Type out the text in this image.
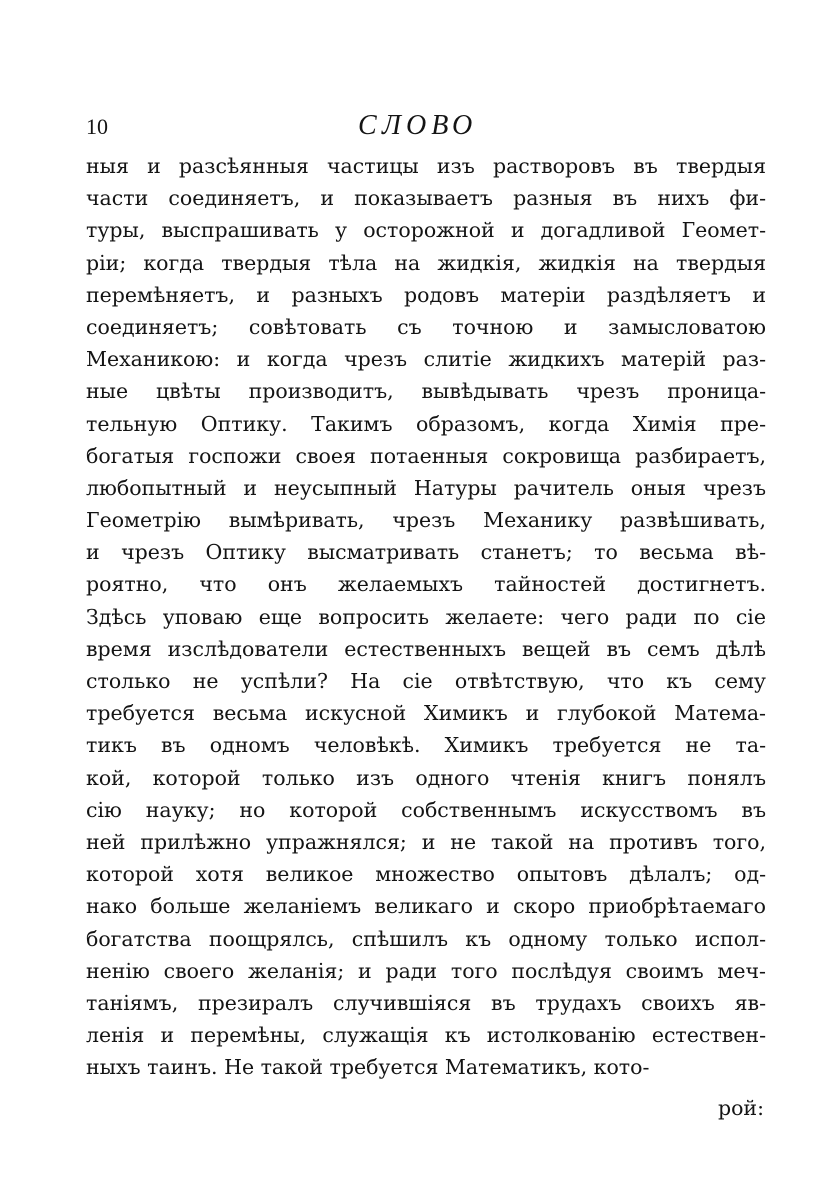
10	СЛОВО
ныя и разсѣянныя частицы изъ растворовъ въ твердыя
части соединяетъ, и показываетъ разныя въ нихъ фи-
туры, выспрашивать у осторожной и догадливой Геомет-
ріи; когда твердыя тѣла на жидкія, жидкія на твердыя
перемѣняетъ, и разныхъ родовъ матеріи раздѣляетъ и
соединяетъ; совѣтовать съ точною и замысловатою
Механикою: и когда чрезъ слитіе жидкихъ матерій раз-
ные цвѣты производитъ, вывѣдывать чрезъ проница-
тельную Оптику. Такимъ образомъ, когда Химія пре-
богатыя госпожи своея потаенныя сокровища разбираетъ,
любопытный и неусыпный Натуры рачитель оныя чрезъ
Геометрію вымѣривать, чрезъ Механику развѣшивать,
и чрезъ Оптику высматривать станетъ; то весьма вѣ-
роятно, что онъ желаемыхъ тайностей достигнетъ.
Здѣсь уповаю еще вопросить желаете: чего ради по сіе
время изслѣдователи естественныхъ вещей въ семъ дѣлѣ
столько не успѣли? На сіе отвѣтствую, что къ сему
требуется весьма искусной Химикъ и глубокой Матема-
тикъ въ одномъ человѣкѣ. Химикъ требуется не та-
кой, которой только изъ одного чтенія книгъ понялъ
сію науку; но которой собственнымъ искусствомъ въ
ней прилѣжно упражнялся; и не такой на противъ того,
которой хотя великое множество опытовъ дѣлалъ; од-
нако больше желаніемъ великаго и скоро приобрѣтаемаго
богатства поощрялсь, спѣшилъ къ одному только испол-
ненію своего желанія; и ради того послѣдуя своимъ меч-
таніямъ, презиралъ случившіяся въ трудахъ своихъ яв-
ленія и перемѣны, служащія къ истолкованію естествен-
ныхъ таинъ. Не такой требуется Математикъ, кото-
рой:
